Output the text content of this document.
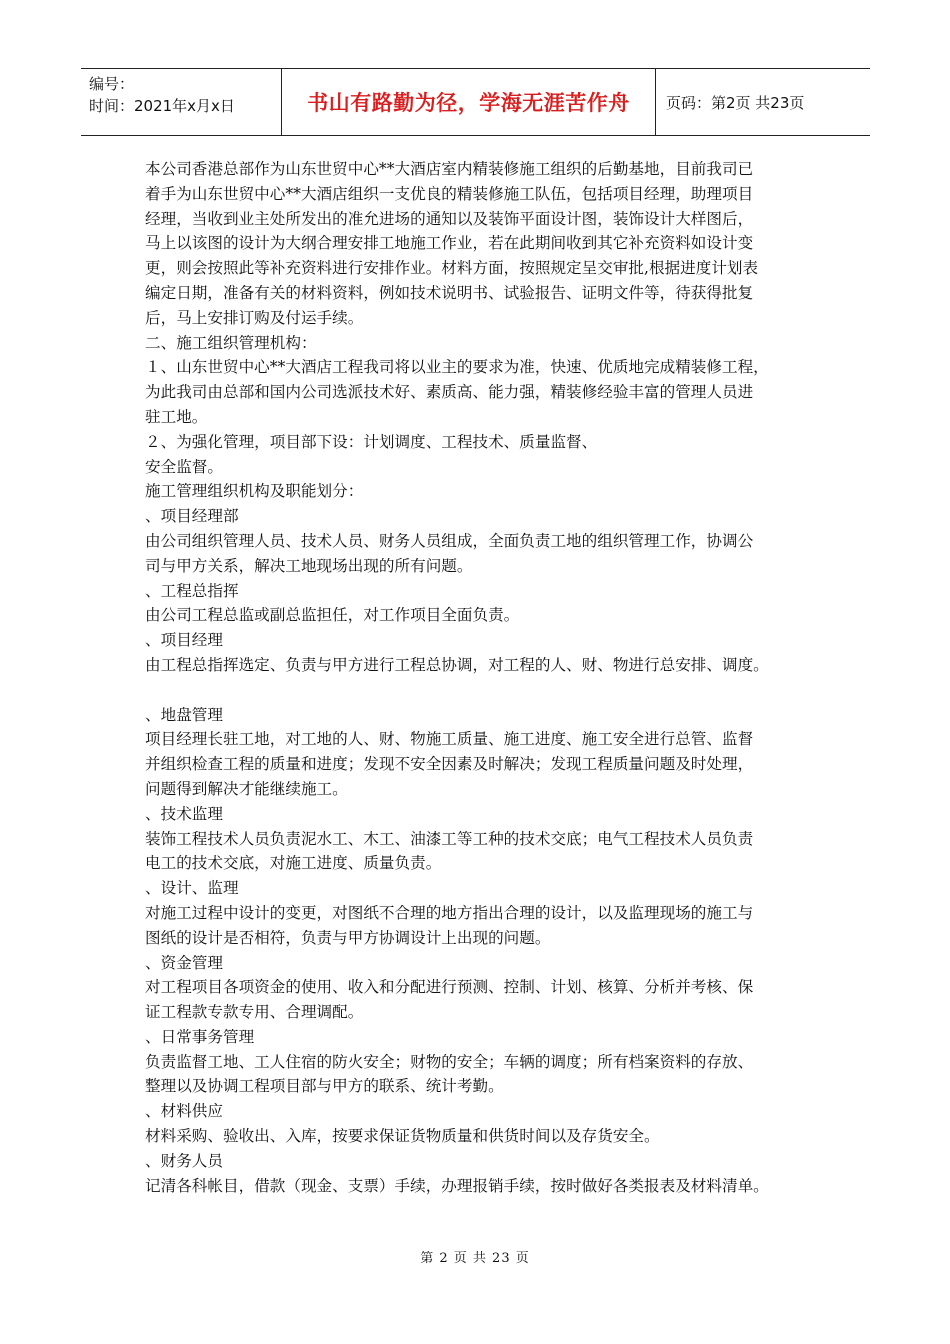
编号：
时间：2021年x月x日	书山有路勤为径，学海无涯苦作舟	页码：第2页 共23页

本公司香港总部作为山东世贸中心**大酒店室内精装修施工组织的后勤基地，目前我司已

着手为山东世贸中心**大酒店组织一支优良的精装修施工队伍，包括项目经理，助理项目

经理，当收到业主处所发出的准允进场的通知以及装饰平面设计图，装饰设计大样图后，

马上以该图的设计为大纲合理安排工地施工作业，若在此期间收到其它补充资料如设计变

更，则会按照此等补充资料进行安排作业。材料方面，按照规定呈交审批,根据进度计划表

编定日期，准备有关的材料资料，例如技术说明书、试验报告、证明文件等，待获得批复

后，马上安排订购及付运手续。

二、施工组织管理机构：

１、山东世贸中心**大酒店工程我司将以业主的要求为准，快速、优质地完成精装修工程，

为此我司由总部和国内公司选派技术好、素质高、能力强，精装修经验丰富的管理人员进

驻工地。

２、为强化管理，项目部下设：计划调度、工程技术、质量监督、

安全监督。

施工管理组织机构及职能划分：

、项目经理部

由公司组织管理人员、技术人员、财务人员组成，全面负责工地的组织管理工作，协调公

司与甲方关系，解决工地现场出现的所有问题。

、工程总指挥

由公司工程总监或副总监担任，对工作项目全面负责。

、项目经理

由工程总指挥选定、负责与甲方进行工程总协调，对工程的人、财、物进行总安排、调度。

、地盘管理

项目经理长驻工地，对工地的人、财、物施工质量、施工进度、施工安全进行总管、监督

并组织检查工程的质量和进度；发现不安全因素及时解决；发现工程质量问题及时处理，

问题得到解决才能继续施工。

、技术监理

装饰工程技术人员负责泥水工、木工、油漆工等工种的技术交底；电气工程技术人员负责

电工的技术交底，对施工进度、质量负责。

、设计、监理

对施工过程中设计的变更，对图纸不合理的地方指出合理的设计，以及监理现场的施工与

图纸的设计是否相符，负责与甲方协调设计上出现的问题。

、资金管理

对工程项目各项资金的使用、收入和分配进行预测、控制、计划、核算、分析并考核、保

证工程款专款专用、合理调配。

、日常事务管理

负责监督工地、工人住宿的防火安全；财物的安全；车辆的调度；所有档案资料的存放、

整理以及协调工程项目部与甲方的联系、统计考勤。

、材料供应

材料采购、验收出、入库，按要求保证货物质量和供货时间以及存货安全。

、财务人员

记清各科帐目，借款（现金、支票）手续，办理报销手续，按时做好各类报表及材料清单。

第 2 页 共 23 页
